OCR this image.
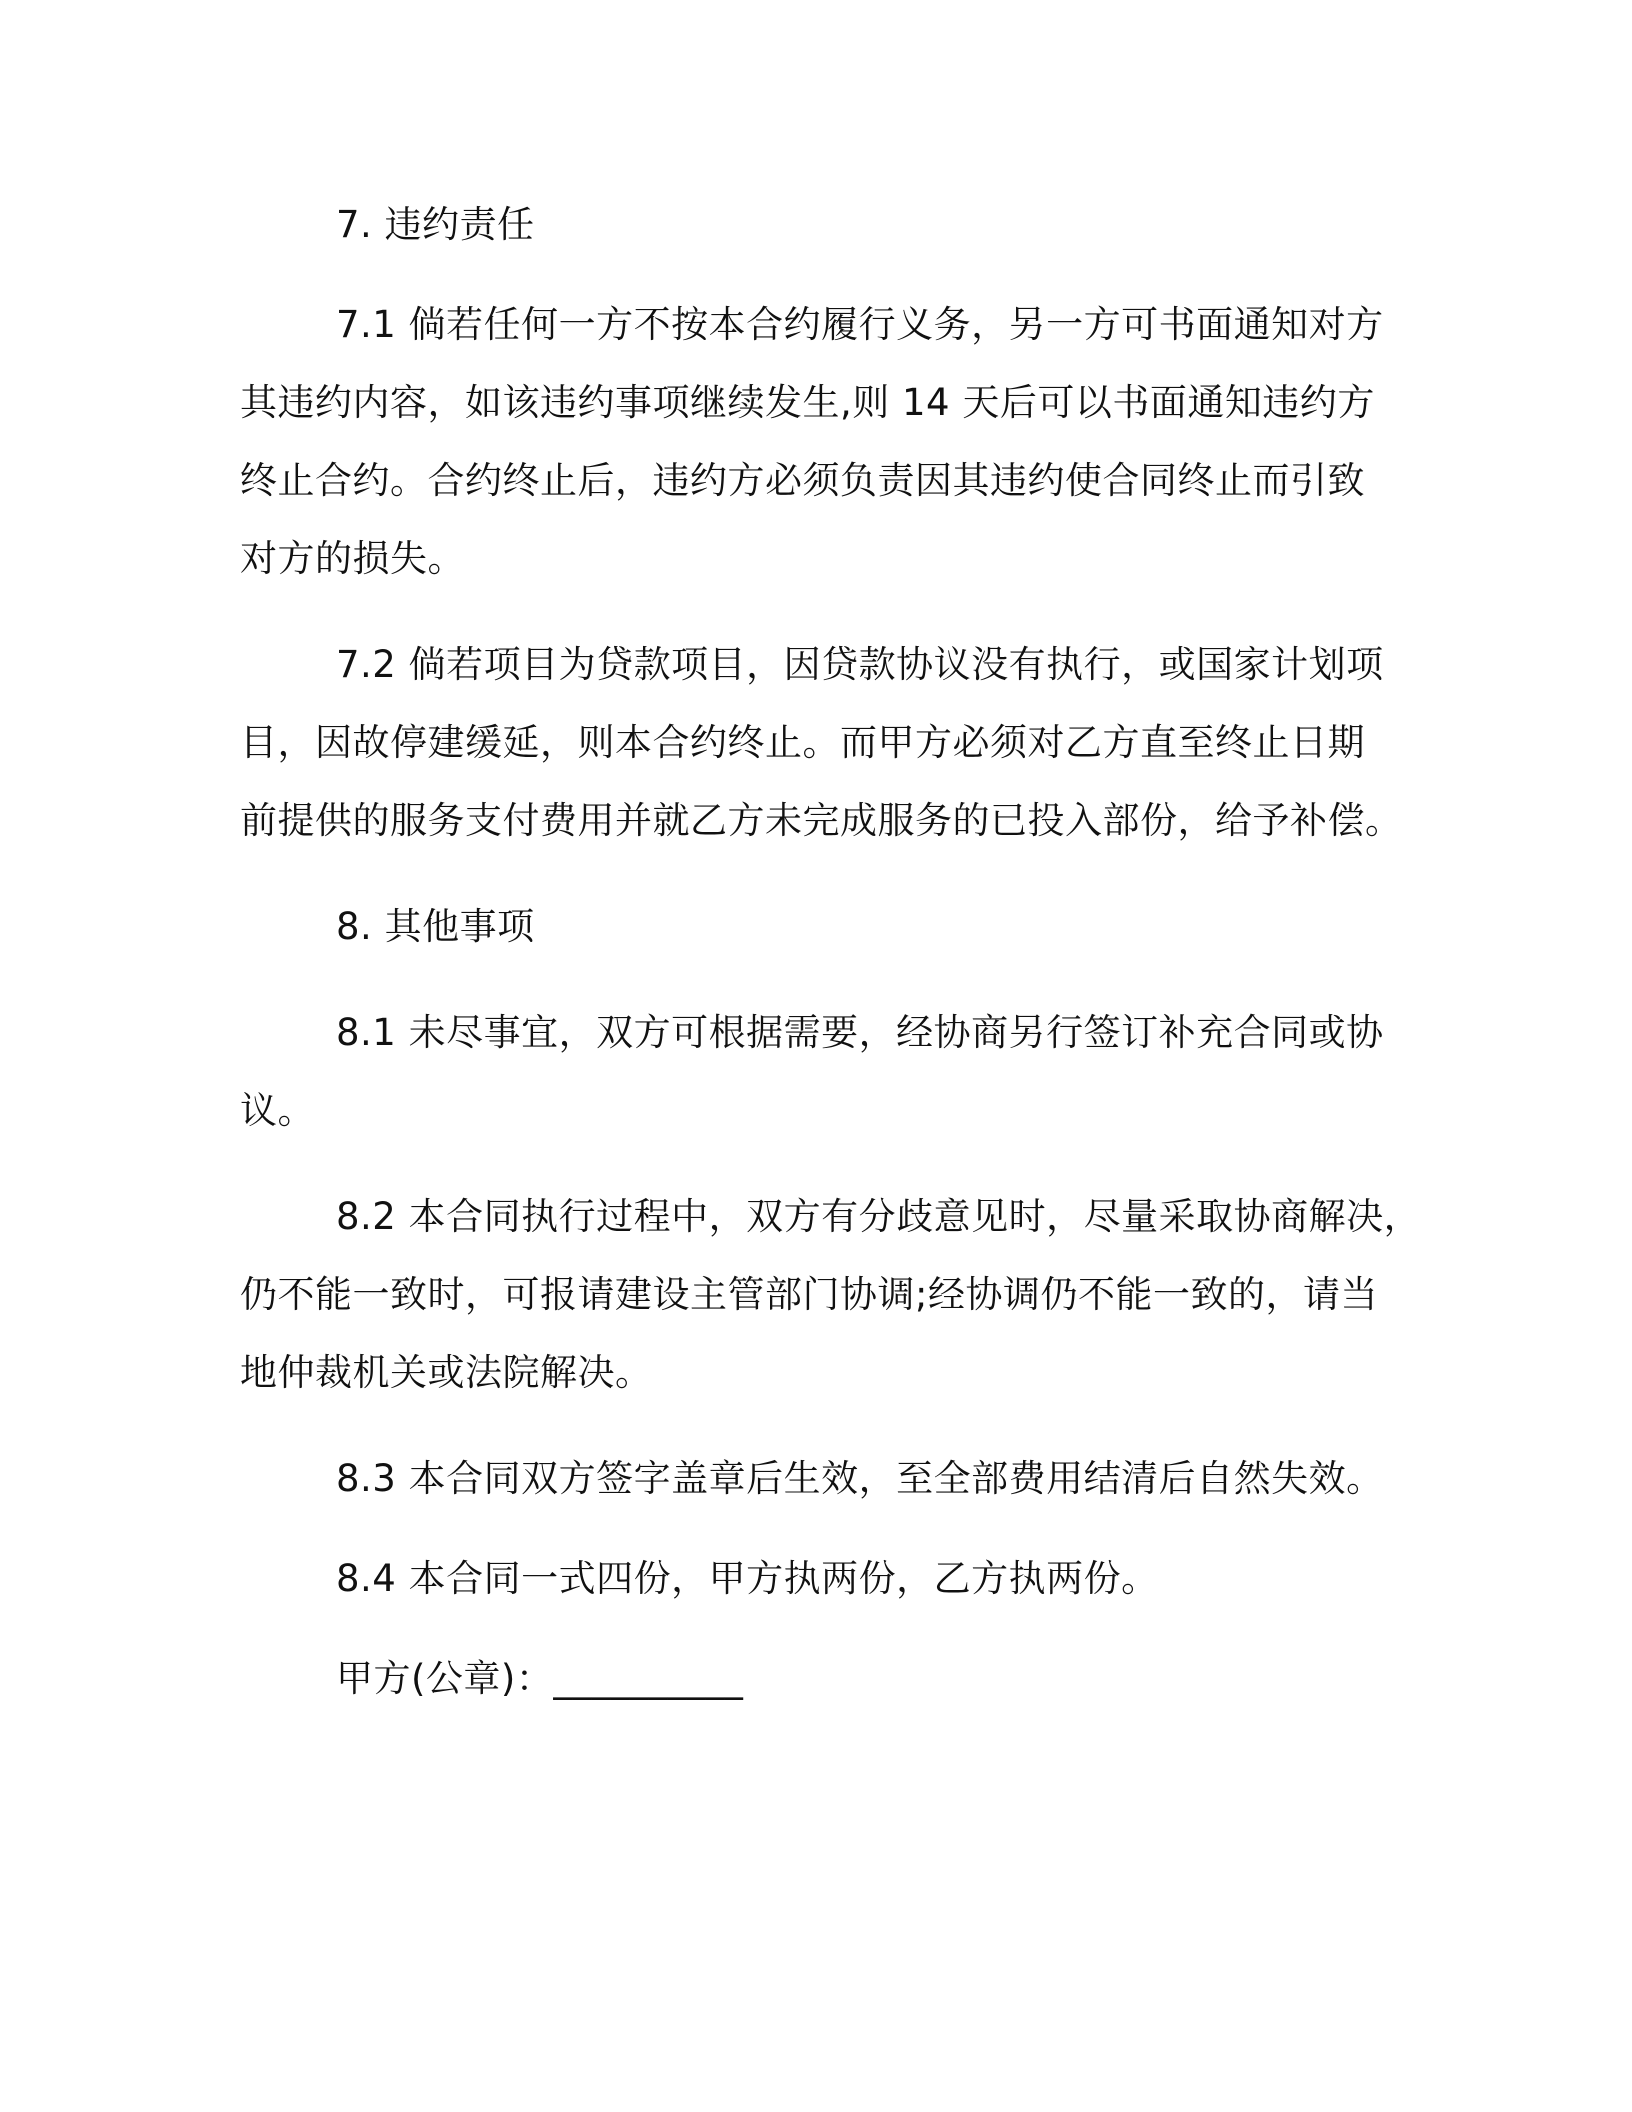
7. 违约责任
7.1 倘若任何一方不按本合约履行义务，另一方可书面通知对方
其违约内容，如该违约事项继续发生,则 14 天后可以书面通知违约方
终止合约。合约终止后，违约方必须负责因其违约使合同终止而引致
对方的损失。
7.2 倘若项目为贷款项目，因贷款协议没有执行，或国家计划项
目，因故停建缓延，则本合约终止。而甲方必须对乙方直至终止日期
前提供的服务支付费用并就乙方未完成服务的已投入部份，给予补偿。
8. 其他事项
8.1 未尽事宜，双方可根据需要，经协商另行签订补充合同或协
议。
8.2 本合同执行过程中，双方有分歧意见时，尽量采取协商解决，
仍不能一致时，可报请建设主管部门协调;经协调仍不能一致的，请当
地仲裁机关或法院解决。
8.3 本合同双方签字盖章后生效，至全部费用结清后自然失效。
8.4 本合同一式四份，甲方执两份，乙方执两份。
甲方(公章)：__________
